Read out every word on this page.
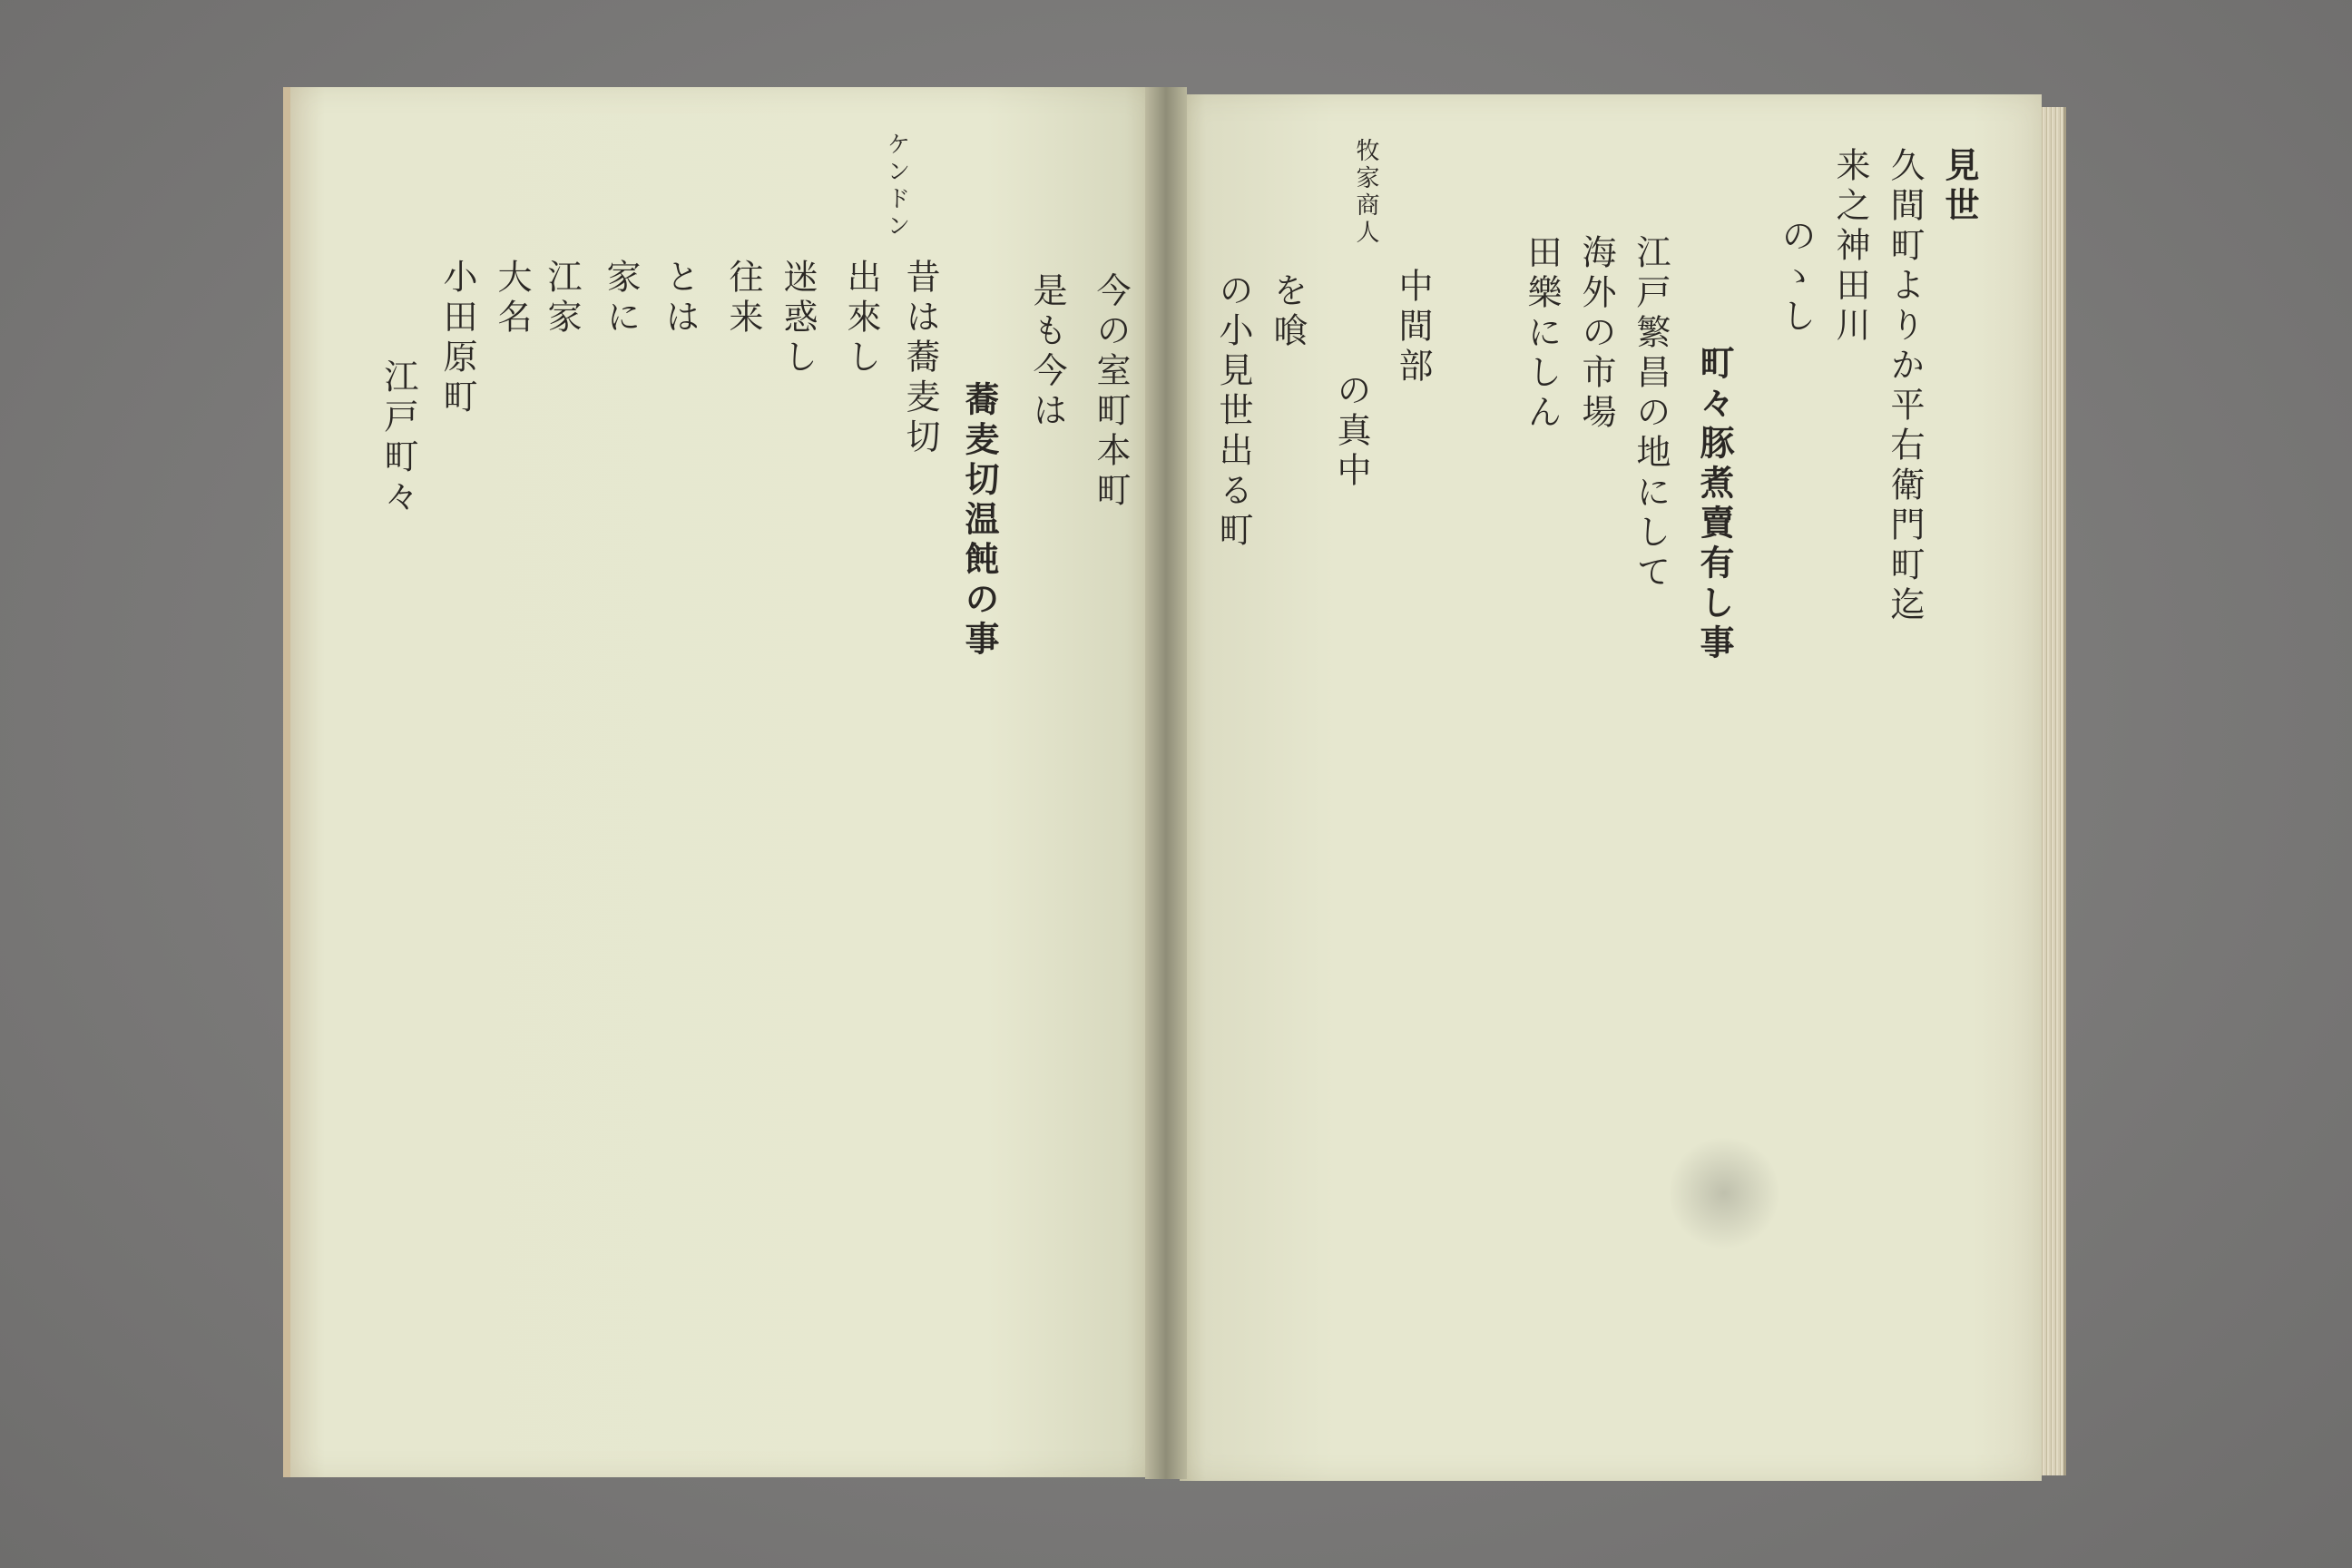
牧家商人	見世
久間町よりか平右衛門町迄
来之神田川
のゝし
町々豚煮賣有し事
江戸繁昌の地にして
海外の市場
田樂にしん
中間部
の真中
を喰
の小見世出る町
ケンドン
今の室町本町
是も今は
蕎麦切温飩の事
昔は蕎麦切
出來し
迷惑し
往来
とは
家に
江家
大名
小田原町
江戸町々
